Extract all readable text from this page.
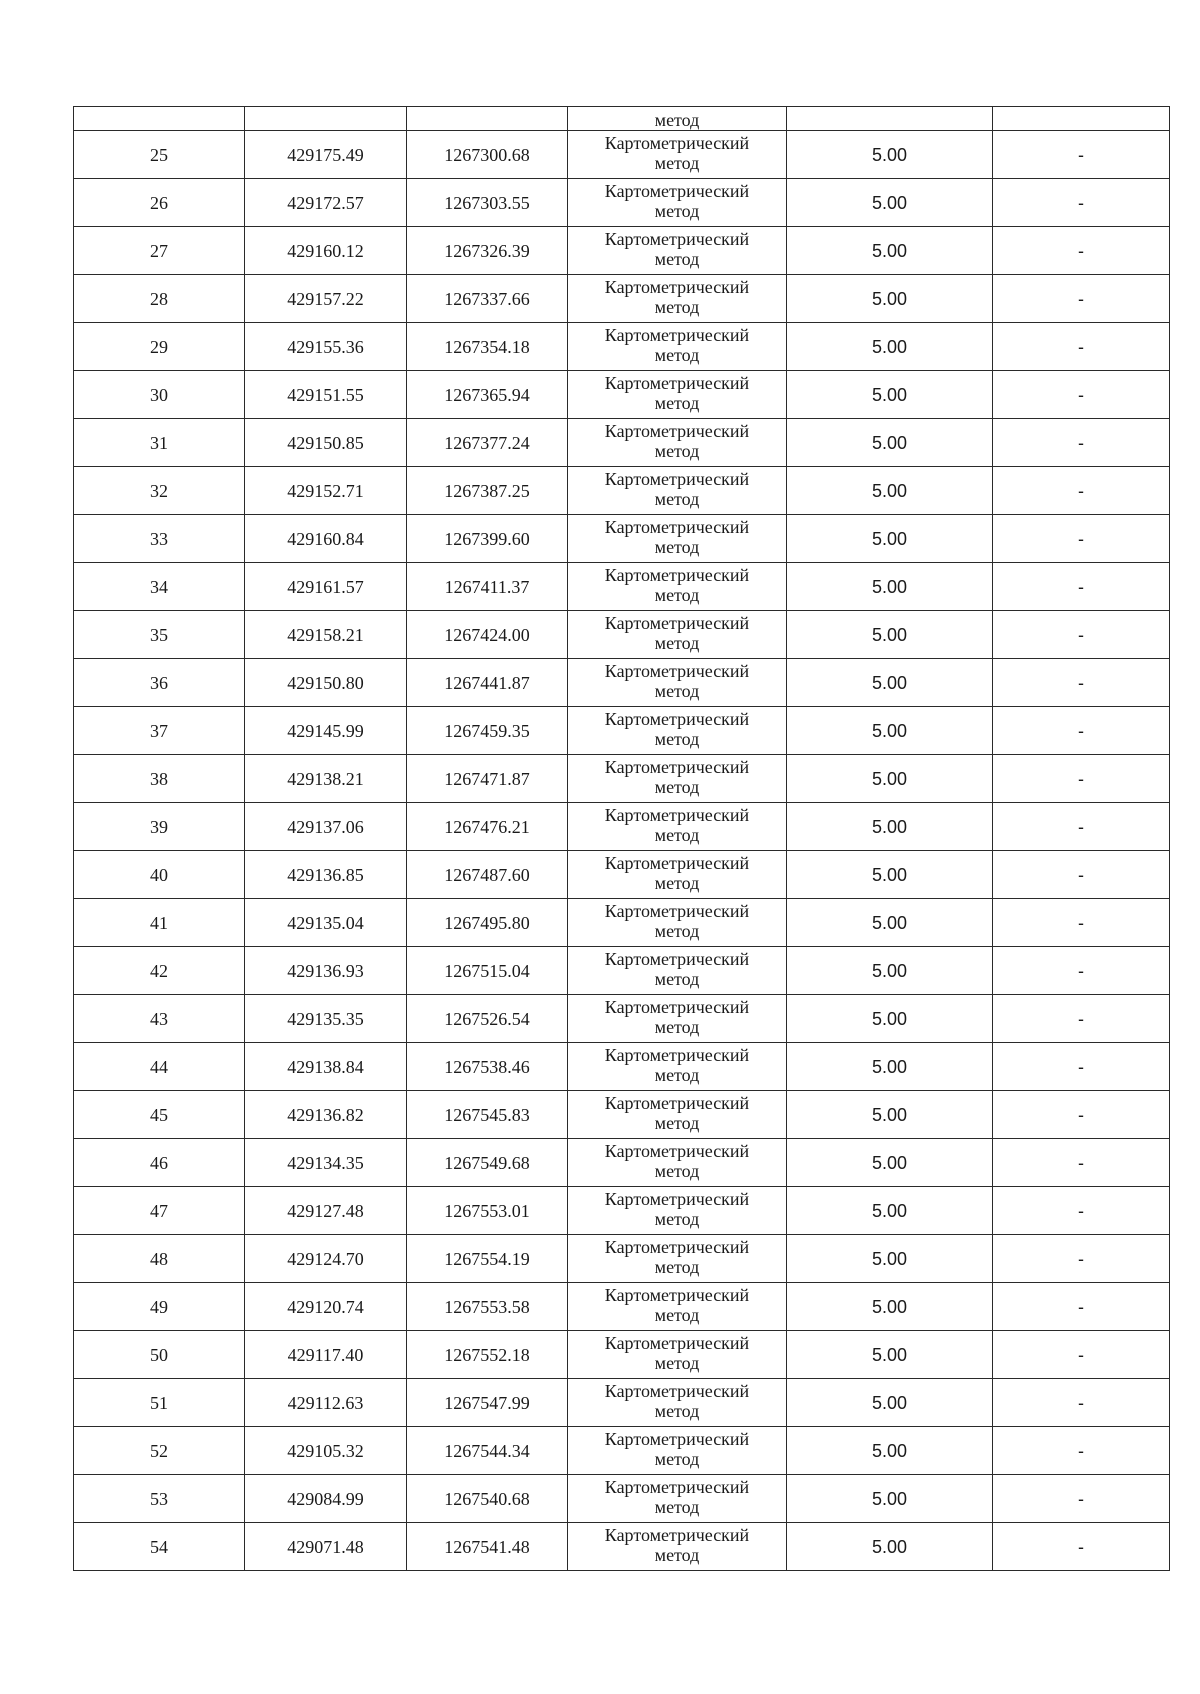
			метод		

25	429175.49	1267300.68	Картометрический
метод	5.00	-
26	429172.57	1267303.55	Картометрический
метод	5.00	-
27	429160.12	1267326.39	Картометрический
метод	5.00	-
28	429157.22	1267337.66	Картометрический
метод	5.00	-
29	429155.36	1267354.18	Картометрический
метод	5.00	-
30	429151.55	1267365.94	Картометрический
метод	5.00	-
31	429150.85	1267377.24	Картометрический
метод	5.00	-
32	429152.71	1267387.25	Картометрический
метод	5.00	-
33	429160.84	1267399.60	Картометрический
метод	5.00	-
34	429161.57	1267411.37	Картометрический
метод	5.00	-
35	429158.21	1267424.00	Картометрический
метод	5.00	-
36	429150.80	1267441.87	Картометрический
метод	5.00	-
37	429145.99	1267459.35	Картометрический
метод	5.00	-
38	429138.21	1267471.87	Картометрический
метод	5.00	-
39	429137.06	1267476.21	Картометрический
метод	5.00	-
40	429136.85	1267487.60	Картометрический
метод	5.00	-
41	429135.04	1267495.80	Картометрический
метод	5.00	-
42	429136.93	1267515.04	Картометрический
метод	5.00	-
43	429135.35	1267526.54	Картометрический
метод	5.00	-
44	429138.84	1267538.46	Картометрический
метод	5.00	-
45	429136.82	1267545.83	Картометрический
метод	5.00	-
46	429134.35	1267549.68	Картометрический
метод	5.00	-
47	429127.48	1267553.01	Картометрический
метод	5.00	-
48	429124.70	1267554.19	Картометрический
метод	5.00	-
49	429120.74	1267553.58	Картометрический
метод	5.00	-
50	429117.40	1267552.18	Картометрический
метод	5.00	-
51	429112.63	1267547.99	Картометрический
метод	5.00	-
52	429105.32	1267544.34	Картометрический
метод	5.00	-
53	429084.99	1267540.68	Картометрический
метод	5.00	-
54	429071.48	1267541.48	Картометрический
метод	5.00	-
